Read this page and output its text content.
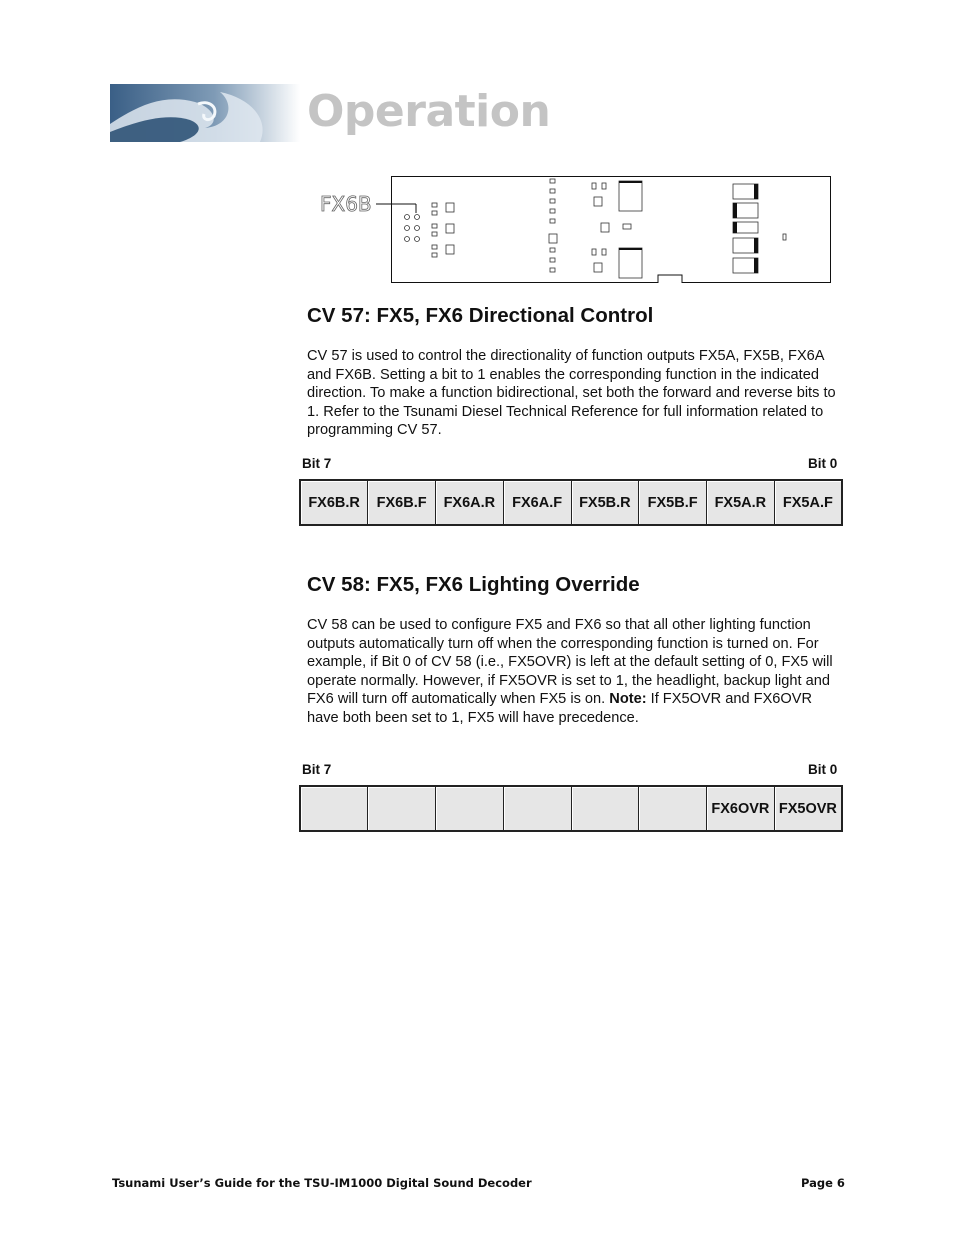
Operation
FX6B
CV 57: FX5, FX6 Directional Control

CV 57 is used to control the directionality of function outputs FX5A, FX5B, FX6A and FX6B. Setting a bit to 1 enables the corresponding function in the indicated direction. To make a function bidirectional, set both the forward and reverse bits to 1. Refer to the Tsunami Diesel Technical Reference for full information related to programming CV 57.

Bit 7	Bit 0
FX6B.R	FX6B.F	FX6A.R	FX6A.F	FX5B.R	FX5B.F	FX5A.R	FX5A.F
CV 58: FX5, FX6 Lighting Override
CV 58 can be used to configure FX5 and FX6 so that all other lighting function outputs automatically turn off when the corresponding function is turned on. For example, if Bit 0 of CV 58 (i.e., FX5OVR) is left at the default setting of 0, FX5 will operate normally. However, if FX5OVR is set to 1, the headlight, backup light and FX6 will turn off automatically when FX5 is on. Note: If FX5OVR and FX6OVR have both been set to 1, FX5 will have precedence.
Bit 7	Bit 0
						FX6OVR	FX5OVR
Tsunami User’s Guide for the TSU-IM1000 Digital Sound Decoder	Page 6
